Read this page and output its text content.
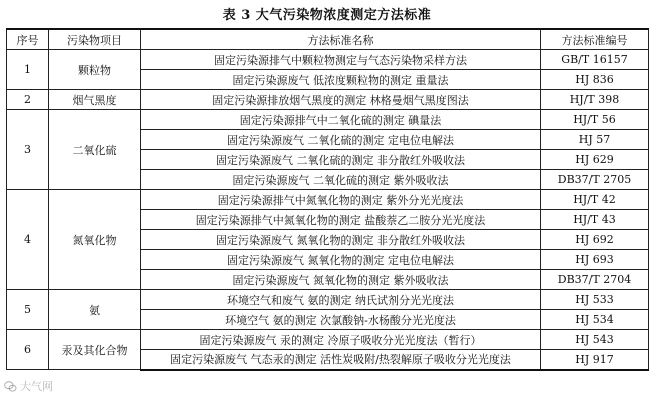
表 3 大气污染物浓度测定方法标准
序号	污染物项目	方法标准名称	方法标准编号
1	颗粒物	固定污染源排气中颗粒物测定与气态污染物采样方法	GB/T 16157
		固定污染源废气 低浓度颗粒物的测定 重量法	HJ 836
2	烟气黑度	固定污染源排放烟气黑度的测定 林格曼烟气黑度图法	HJ/T 398
3	二氧化硫	固定污染源排气中二氧化硫的测定 碘量法	HJ/T 56
		固定污染源废气 二氧化硫的测定 定电位电解法	HJ 57
		固定污染源废气 二氧化硫的测定 非分散红外吸收法	HJ 629
		固定污染源废气 二氧化硫的测定 紫外吸收法	DB37/T 2705
4	氮氧化物	固定污染源排气中氮氧化物的测定 紫外分光光度法	HJ/T 42
		固定污染源排气中氮氧化物的测定 盐酸萘乙二胺分光光度法	HJ/T 43
		固定污染源废气 氮氧化物的测定 非分散红外吸收法	HJ 692
		固定污染源废气 氮氧化物的测定 定电位电解法	HJ 693
		固定污染源废气 氮氧化物的测定 紫外吸收法	DB37/T 2704
5	氨	环境空气和废气 氨的测定 纳氏试剂分光光度法	HJ 533
		环境空气 氨的测定 次氯酸钠-水杨酸分光光度法	HJ 534
6	汞及其化合物	固定污染源废气 汞的测定 冷原子吸收分光光度法（暂行）	HJ 543
		固定污染源废气 气态汞的测定 活性炭吸附/热裂解原子吸收分光光度法	HJ 917
大气网
